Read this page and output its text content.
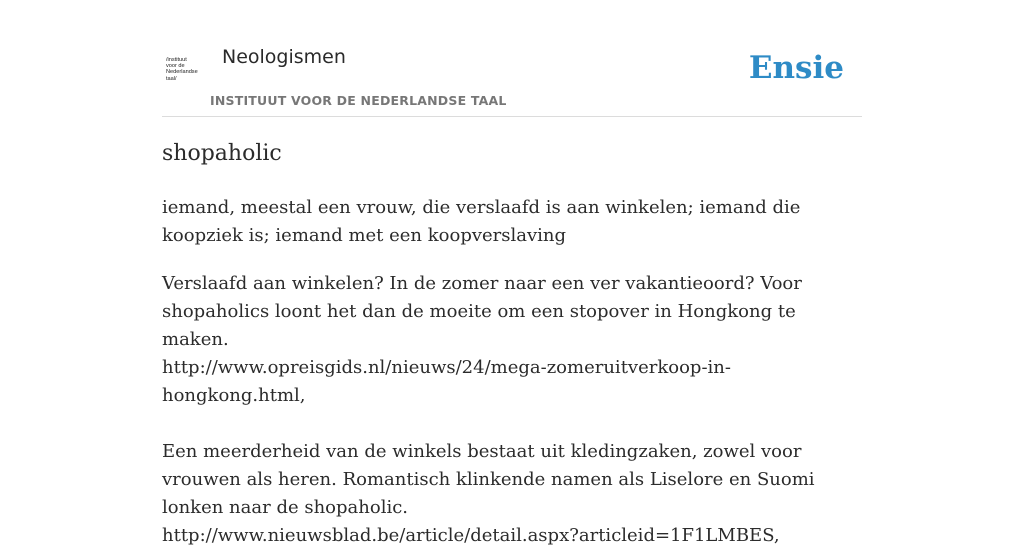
/instituut
voor de
Nederlandse
taal/
Neologismen
INSTITUUT VOOR DE NEDERLANDSE TAAL
Ensie
shopaholic

iemand, meestal een vrouw, die verslaafd is aan winkelen; iemand die koopziek is; iemand met een koopverslaving

Verslaafd aan winkelen? In de zomer naar een ver vakantieoord? Voor shopaholics loont het dan de moeite om een stopover in Hongkong te maken.
http://www.opreisgids.nl/nieuws/24/mega-zomeruitverkoop-in-hongkong.html,

Een meerderheid van de winkels bestaat uit kledingzaken, zowel voor vrouwen als heren. Romantisch klinkende namen als Liselore en Suomi lonken naar de shopaholic.
http://www.nieuwsblad.be/article/detail.aspx?articleid=1F1LMBES,
